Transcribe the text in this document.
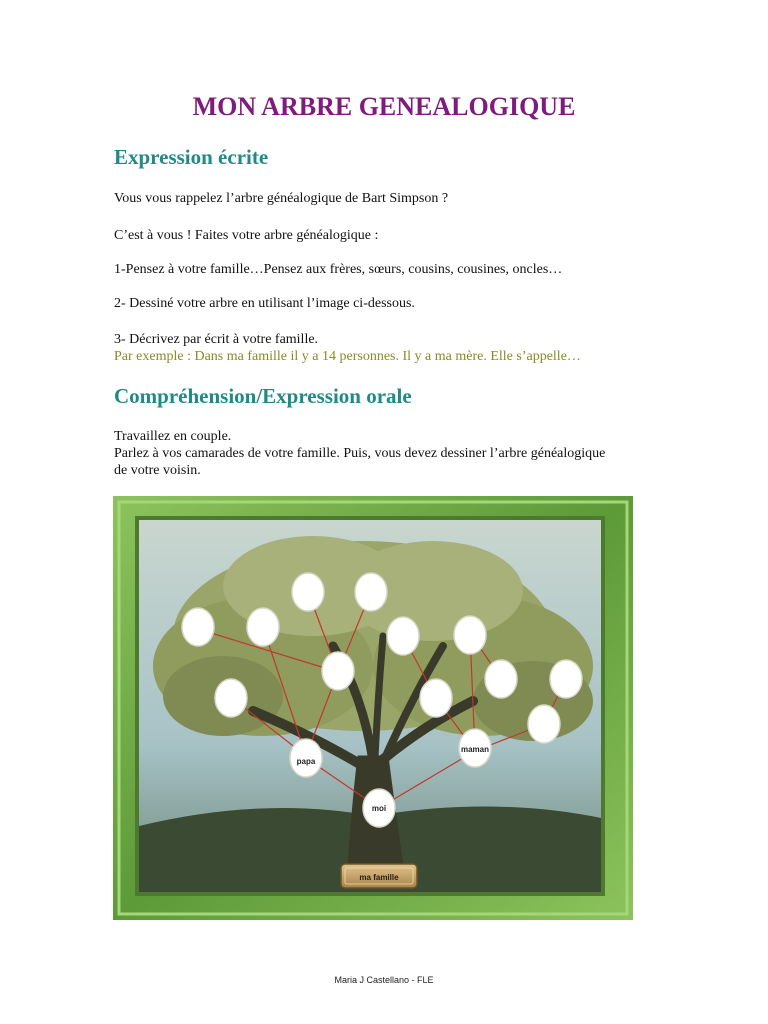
MON ARBRE GENEALOGIQUE
Expression écrite
Vous vous rappelez l’arbre généalogique de Bart Simpson ?
C’est à vous ! Faites votre arbre généalogique :
1-Pensez à votre famille…Pensez aux frères, sœurs, cousins, cousines, oncles…
2- Dessiné votre arbre en utilisant l’image ci-dessous.
3- Décrivez par écrit à votre famille.
Par exemple : Dans ma famille il y a 14 personnes. Il y a ma mère. Elle s’appelle…
Compréhension/Expression orale
Travaillez en couple.
Parlez à vos camarades de votre famille. Puis, vous devez dessiner l’arbre généalogique
de votre voisin.
papa
maman
moi
ma famille
Maria J Castellano - FLE
